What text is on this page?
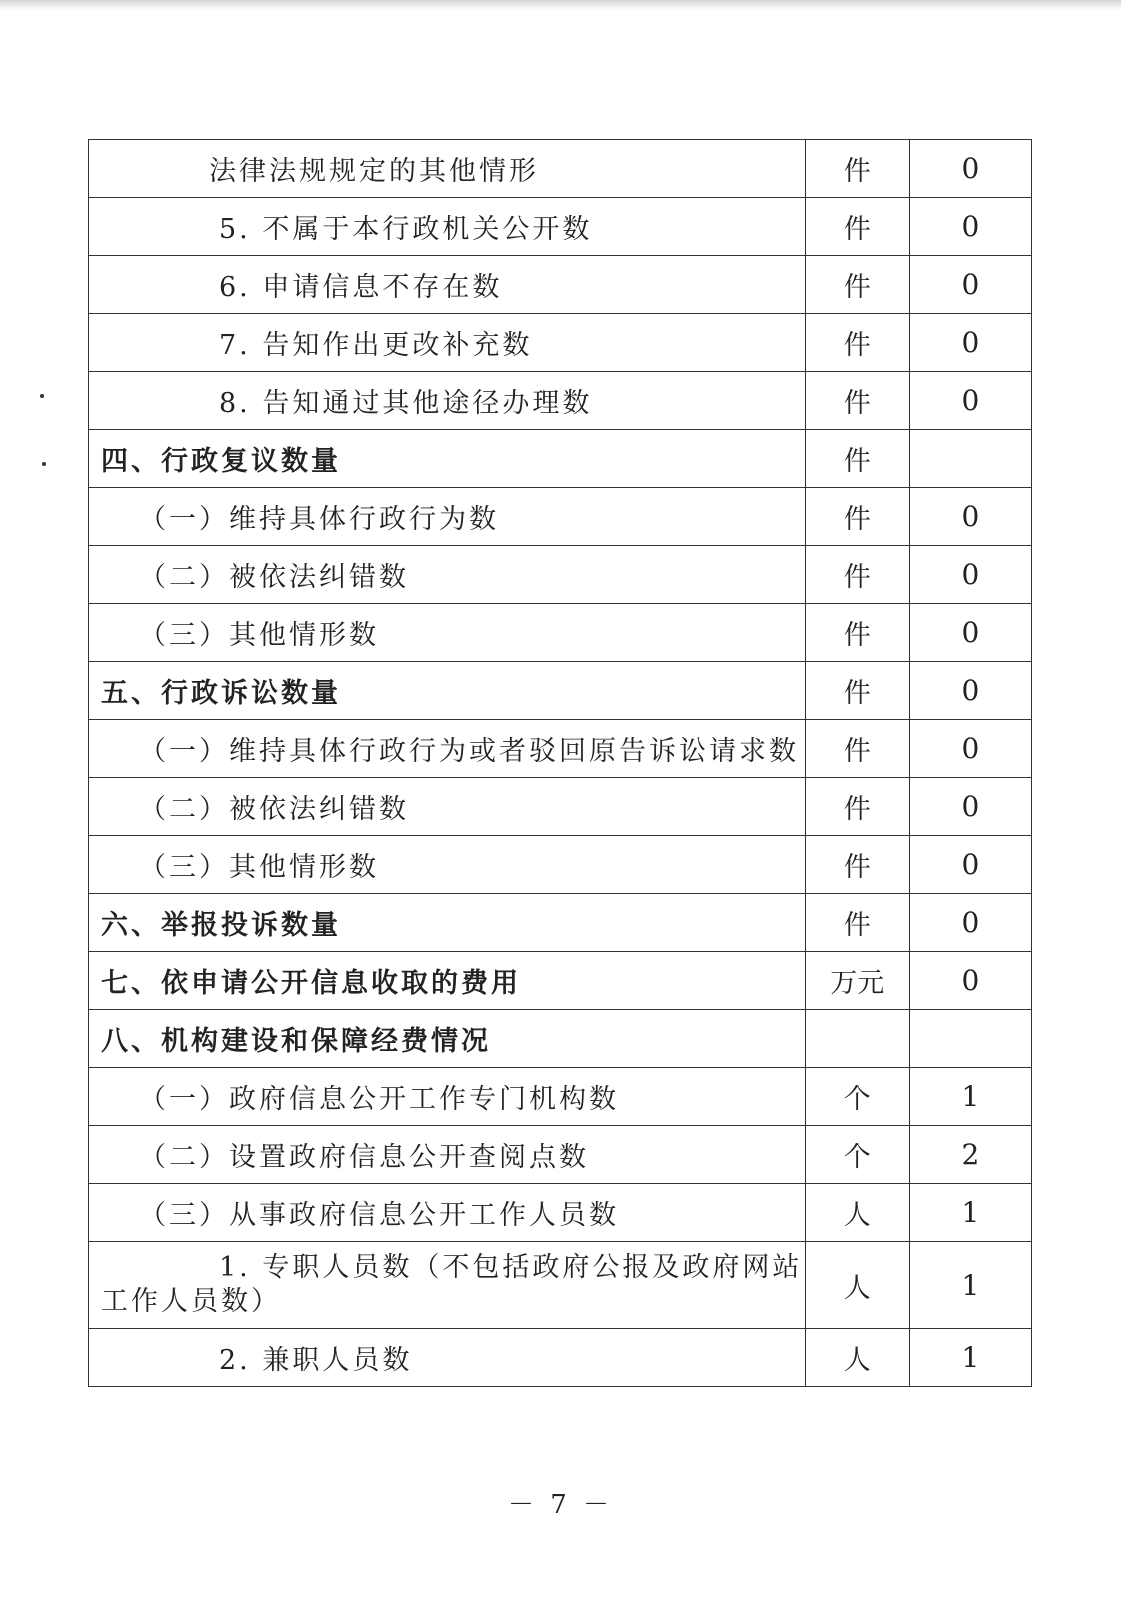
法律法规规定的其他情形	件	0
5. 不属于本行政机关公开数	件	0
6. 申请信息不存在数	件	0
7. 告知作出更改补充数	件	0
8. 告知通过其他途径办理数	件	0
四、行政复议数量	件	
（一）维持具体行政行为数	件	0
（二）被依法纠错数	件	0
（三）其他情形数	件	0
五、行政诉讼数量	件	0
（一）维持具体行政行为或者驳回原告诉讼请求数	件	0
（二）被依法纠错数	件	0
（三）其他情形数	件	0
六、举报投诉数量	件	0
七、依申请公开信息收取的费用	万元	0
八、机构建设和保障经费情况		
（一）政府信息公开工作专门机构数	个	1
（二）设置政府信息公开查阅点数	个	2
（三）从事政府信息公开工作人员数	人	1

1. 专职人员数（不包括政府公报及政府网站工作人员数）	人	1
2. 兼职人员数	人	1
－ 7 －
